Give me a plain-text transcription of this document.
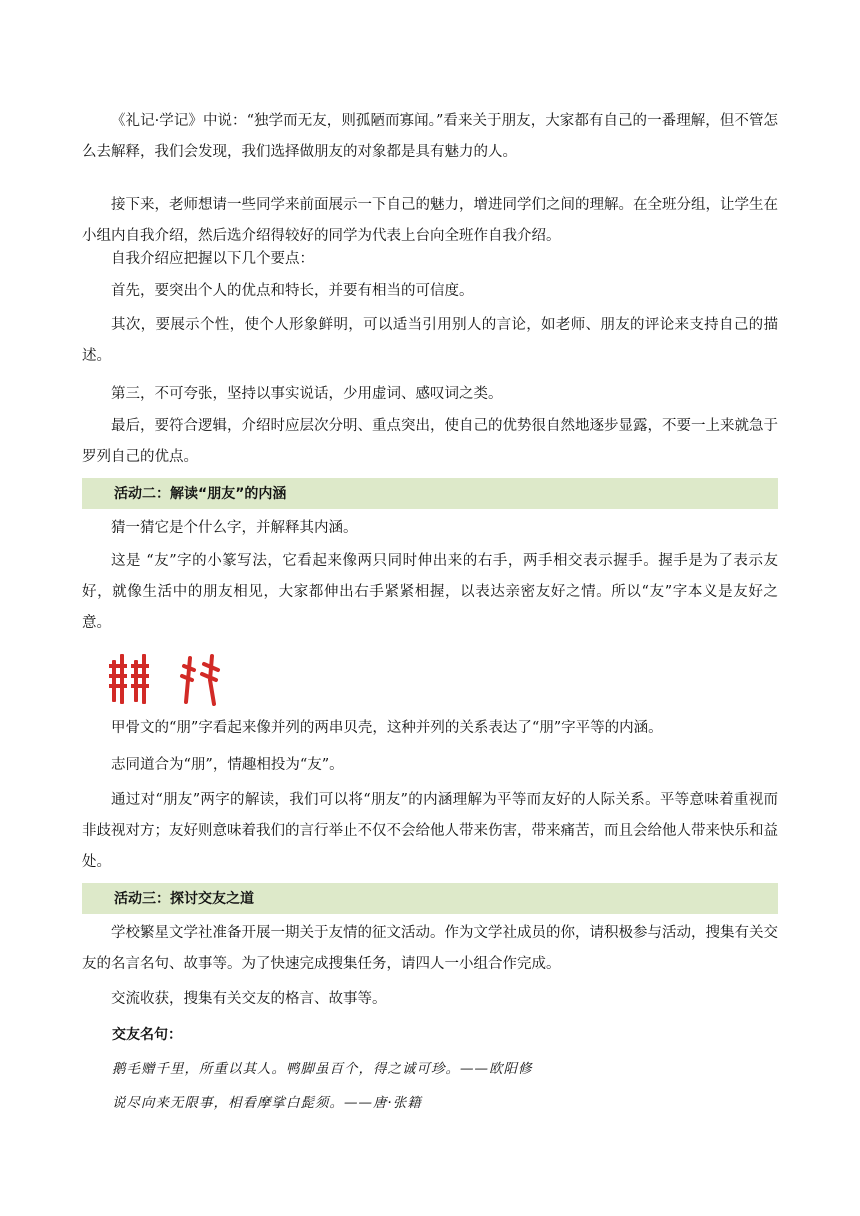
《礼记·学记》中说：“独学而无友，则孤陋而寡闻。”看来关于朋友，大家都有自己的一番理解，但不管怎么去解释，我们会发现，我们选择做朋友的对象都是具有魅力的人。
接下来，老师想请一些同学来前面展示一下自己的魅力，增进同学们之间的理解。在全班分组，让学生在小组内自我介绍，然后选介绍得较好的同学为代表上台向全班作自我介绍。
自我介绍应把握以下几个要点：
首先，要突出个人的优点和特长，并要有相当的可信度。
其次，要展示个性，使个人形象鲜明，可以适当引用别人的言论，如老师、朋友的评论来支持自己的描述。
第三，不可夸张，坚持以事实说话，少用虚词、感叹词之类。
最后，要符合逻辑，介绍时应层次分明、重点突出，使自己的优势很自然地逐步显露，不要一上来就急于罗列自己的优点。
活动二：解读“朋友”的内涵
猜一猜它是个什么字，并解释其内涵。
这是 “友”字的小篆写法，它看起来像两只同时伸出来的右手，两手相交表示握手。握手是为了表示友好，就像生活中的朋友相见，大家都伸出右手紧紧相握，以表达亲密友好之情。所以“友”字本义是友好之意。
甲骨文的“朋”字看起来像并列的两串贝壳，这种并列的关系表达了“朋”字平等的内涵。
志同道合为“朋”，情趣相投为“友”。
通过对“朋友”两字的解读，我们可以将“朋友”的内涵理解为平等而友好的人际关系。平等意味着重视而非歧视对方；友好则意味着我们的言行举止不仅不会给他人带来伤害，带来痛苦，而且会给他人带来快乐和益处。
活动三：探讨交友之道
学校繁星文学社准备开展一期关于友情的征文活动。作为文学社成员的你，请积极参与活动，搜集有关交友的名言名句、故事等。为了快速完成搜集任务，请四人一小组合作完成。
交流收获，搜集有关交友的格言、故事等。
交友名句：
鹅毛赠千里，所重以其人。鸭脚虽百个，得之诚可珍。——欧阳修
说尽向来无限事，相看摩挲白髭须。——唐·张籍
